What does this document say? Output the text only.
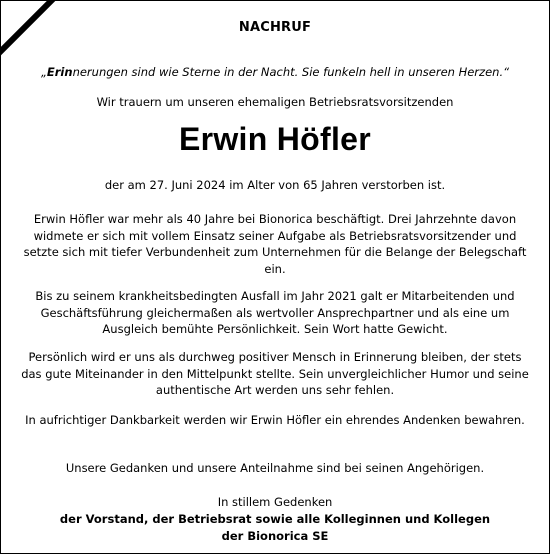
NACHRUF
„Erinnerungen sind wie Sterne in der Nacht. Sie funkeln hell in unseren Herzen.“
Wir trauern um unseren ehemaligen Betriebsratsvorsitzenden
Erwin Höfler
der am 27. Juni 2024 im Alter von 65 Jahren verstorben ist.
Erwin Höfler war mehr als 40 Jahre bei Bionorica beschäftigt. Drei Jahrzehnte davon widmete er sich mit vollem Einsatz seiner Aufgabe als Betriebsratsvorsitzender und setzte sich mit tiefer Verbundenheit zum Unternehmen für die Belange der Belegschaft ein.
Bis zu seinem krankheitsbedingten Ausfall im Jahr 2021 galt er Mitarbeitenden und Geschäftsführung gleichermaßen als wertvoller Ansprechpartner und als eine um Ausgleich bemühte Persönlichkeit. Sein Wort hatte Gewicht.
Persönlich wird er uns als durchweg positiver Mensch in Erinnerung bleiben, der stets das gute Miteinander in den Mittelpunkt stellte. Sein unvergleichlicher Humor und seine authentische Art werden uns sehr fehlen.
In aufrichtiger Dankbarkeit werden wir Erwin Höfler ein ehrendes Andenken bewahren.
Unsere Gedanken und unsere Anteilnahme sind bei seinen Angehörigen.
In stillem Gedenken
der Vorstand, der Betriebsrat sowie alle Kolleginnen und Kollegen
der Bionorica SE
